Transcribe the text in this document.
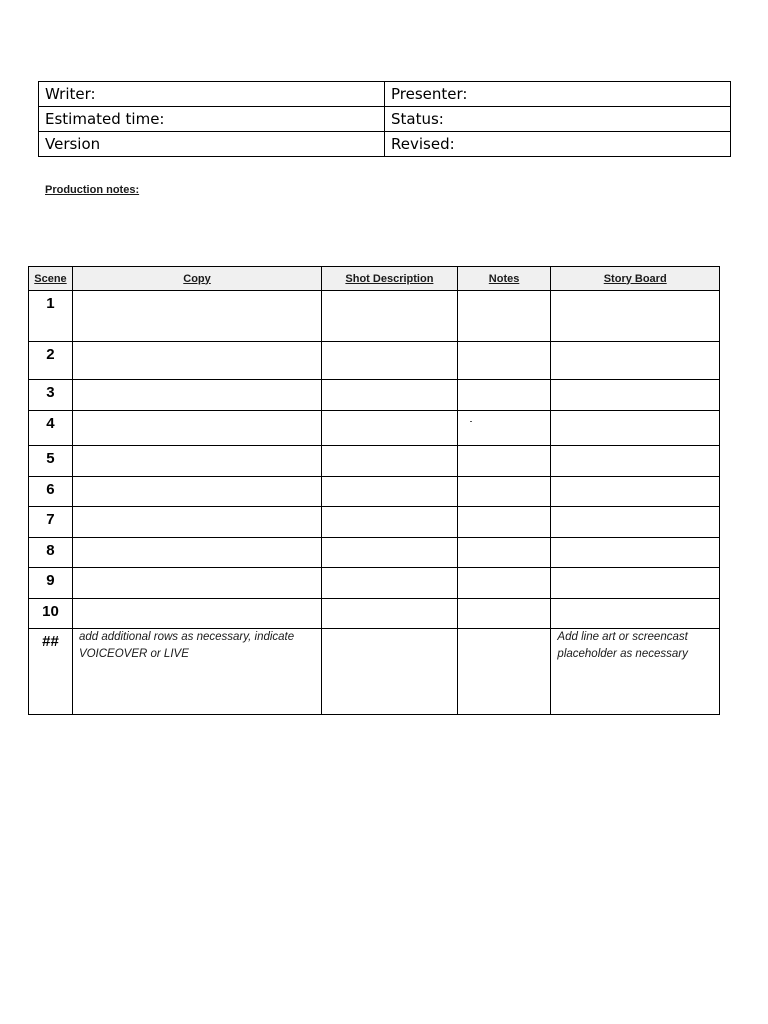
Writer:	Presenter:
Estimated time:	Status:
Version	Revised:
Production notes:
Scene	Copy	Shot Description	Notes	Story Board
1				
2				
3				
4			

5				
6				
7				
8				
9				
10				
##	add additional rows as necessary, indicate VOICEOVER or LIVE			Add line art or screencast placeholder as necessary
